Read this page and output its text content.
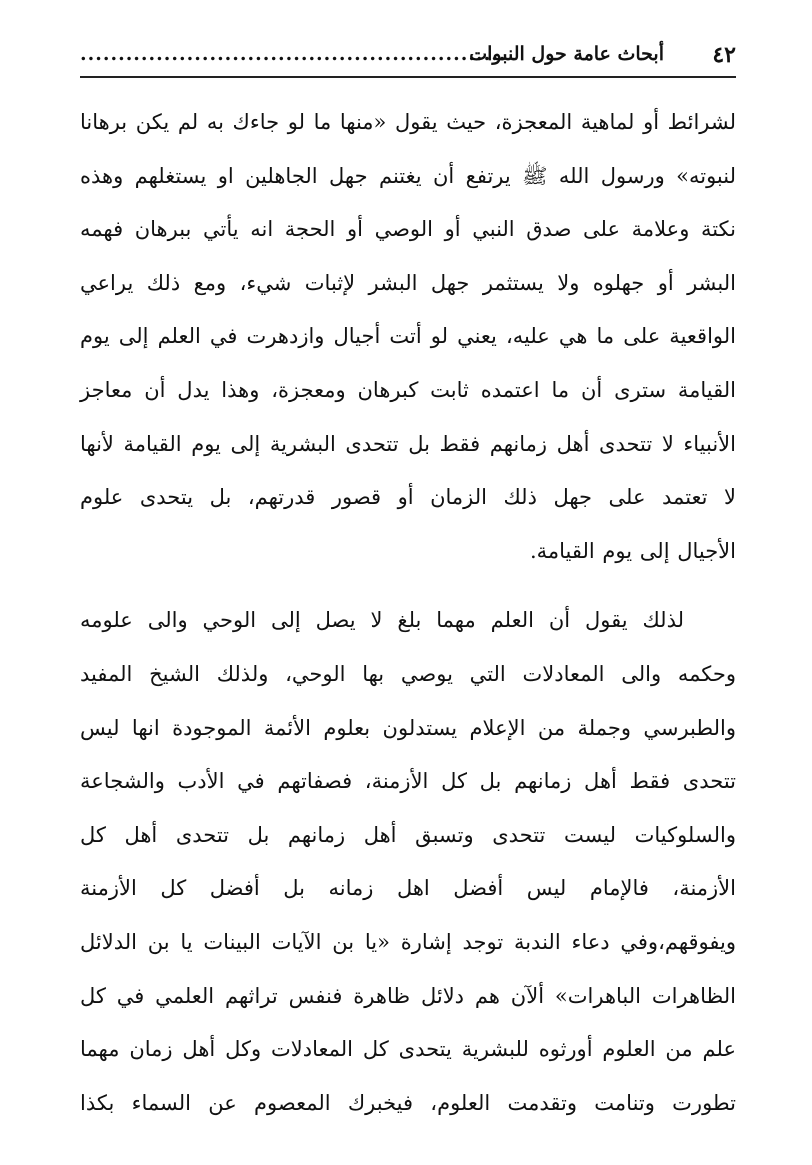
٤٢
أبحاث عامة حول النبوات
........................................................

لشرائط أو لماهية المعجزة، حيث يقول «منها ما لو جاءك به لم يكن برهانا
لنبوته» ورسول الله ﷺ يرتفع أن يغتنم جهل الجاهلين او يستغلهم وهذه
نكتة وعلامة على صدق النبي أو الوصي أو الحجة انه يأتي ببرهان فهمه
البشر أو جهلوه ولا يستثمر جهل البشر لإثبات شيء، ومع ذلك يراعي
الواقعية على ما هي عليه، يعني لو أتت أجيال وازدهرت في العلم إلى يوم
القيامة سترى أن ما اعتمده ثابت كبرهان ومعجزة، وهذا يدل أن معاجز
الأنبياء لا تتحدى أهل زمانهم فقط بل تتحدى البشرية إلى يوم القيامة لأنها
لا تعتمد على جهل ذلك الزمان أو قصور قدرتهم، بل يتحدى علوم
الأجيال إلى يوم القيامة.

لذلك يقول أن العلم مهما بلغ لا يصل إلى الوحي والى علومه
وحكمه والى المعادلات التي يوصي بها الوحي، ولذلك الشيخ المفيد
والطبرسي وجملة من الإعلام يستدلون بعلوم الأئمة الموجودة انها ليس
تتحدى فقط أهل زمانهم بل كل الأزمنة، فصفاتهم في الأدب والشجاعة
والسلوكيات ليست تتحدى وتسبق أهل زمانهم بل تتحدى أهل كل
الأزمنة، فالإمام ليس أفضل اهل زمانه بل أفضل كل الأزمنة
ويفوقهم،وفي دعاء الندبة توجد إشارة «يا بن الآيات البينات يا بن الدلائل
الظاهرات الباهرات» ألآن هم دلائل ظاهرة فنفس تراثهم العلمي في كل
علم من العلوم أورثوه للبشرية يتحدى كل المعادلات وكل أهل زمان مهما
تطورت وتنامت وتقدمت العلوم، فيخبرك المعصوم عن السماء بكذا
